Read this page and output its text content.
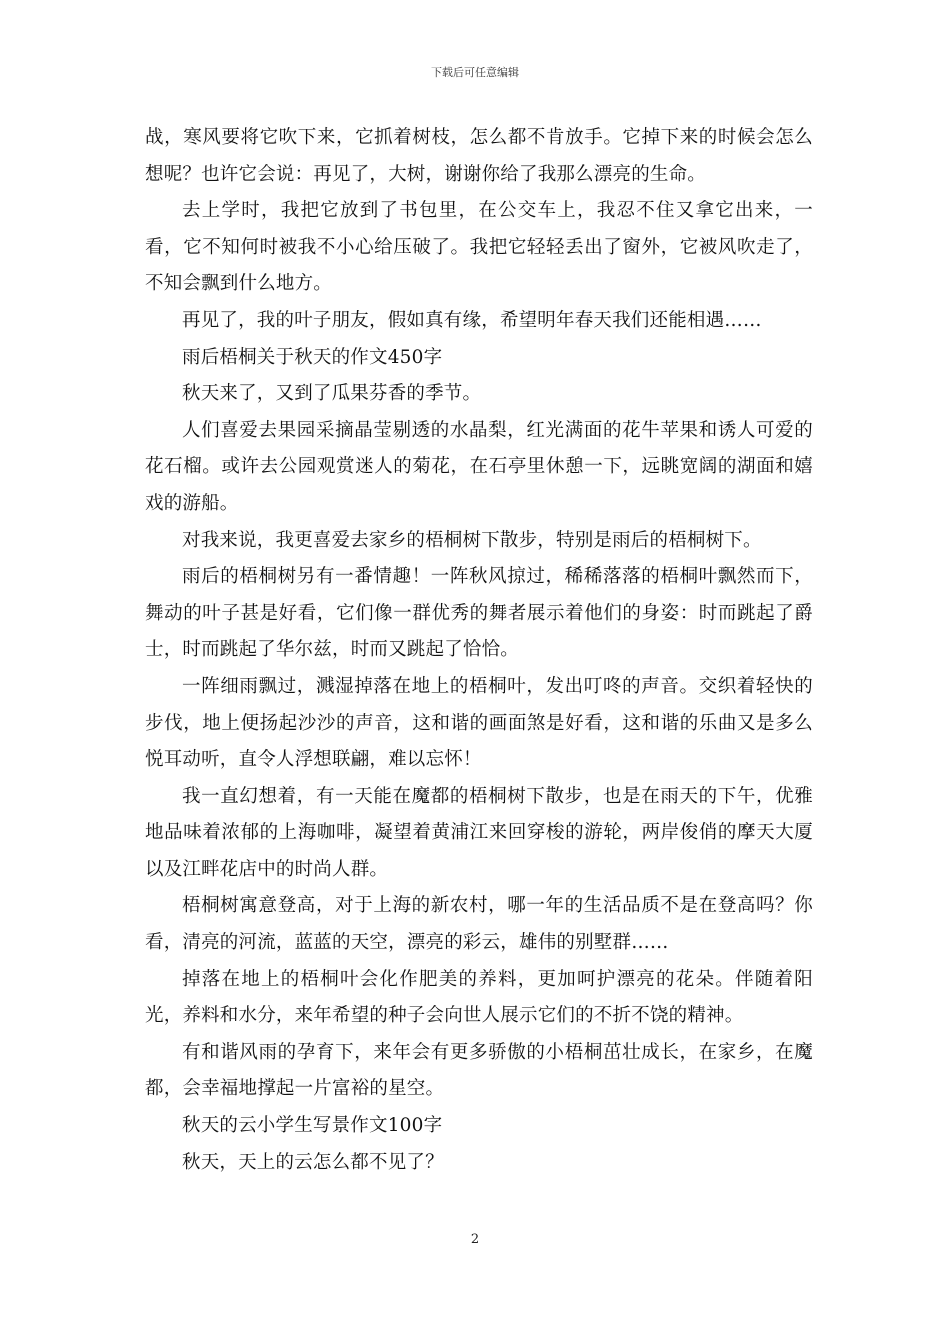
下载后可任意编辑

战，寒风要将它吹下来，它抓着树枝，怎么都不肯放手。它掉下来的时候会怎么想呢？也许它会说：再见了，大树，谢谢你给了我那么漂亮的生命。

去上学时，我把它放到了书包里，在公交车上，我忍不住又拿它出来，一看，它不知何时被我不小心给压破了。我把它轻轻丢出了窗外，它被风吹走了，不知会飘到什么地方。

再见了，我的叶子朋友，假如真有缘，希望明年春天我们还能相遇……

雨后梧桐关于秋天的作文450字

秋天来了，又到了瓜果芬香的季节。

人们喜爱去果园采摘晶莹剔透的水晶梨，红光满面的花牛苹果和诱人可爱的花石榴。或许去公园观赏迷人的菊花，在石亭里休憩一下，远眺宽阔的湖面和嬉戏的游船。

对我来说，我更喜爱去家乡的梧桐树下散步，特别是雨后的梧桐树下。

雨后的梧桐树另有一番情趣！一阵秋风掠过，稀稀落落的梧桐叶飘然而下，舞动的叶子甚是好看，它们像一群优秀的舞者展示着他们的身姿：时而跳起了爵士，时而跳起了华尔兹，时而又跳起了恰恰。

一阵细雨飘过，溅湿掉落在地上的梧桐叶，发出叮咚的声音。交织着轻快的步伐，地上便扬起沙沙的声音，这和谐的画面煞是好看，这和谐的乐曲又是多么悦耳动听，直令人浮想联翩，难以忘怀！

我一直幻想着，有一天能在魔都的梧桐树下散步，也是在雨天的下午，优雅地品味着浓郁的上海咖啡，凝望着黄浦江来回穿梭的游轮，两岸俊俏的摩天大厦以及江畔花店中的时尚人群。

梧桐树寓意登高，对于上海的新农村，哪一年的生活品质不是在登高吗？你看，清亮的河流，蓝蓝的天空，漂亮的彩云，雄伟的别墅群……

掉落在地上的梧桐叶会化作肥美的养料，更加呵护漂亮的花朵。伴随着阳光，养料和水分，来年希望的种子会向世人展示它们的不折不饶的精神。

有和谐风雨的孕育下，来年会有更多骄傲的小梧桐茁壮成长，在家乡，在魔都，会幸福地撑起一片富裕的星空。

秋天的云小学生写景作文100字

秋天，天上的云怎么都不见了？

2
